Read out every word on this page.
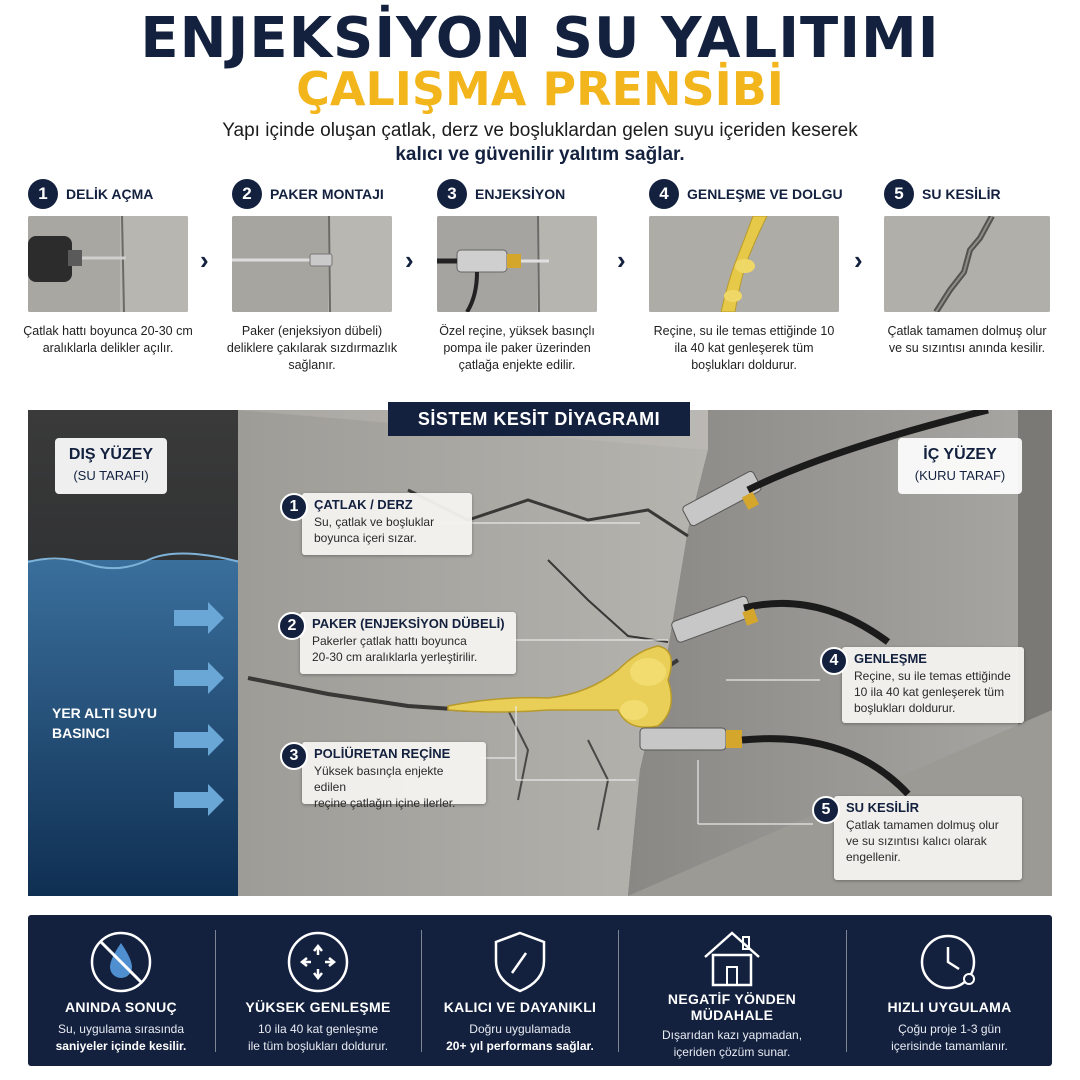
ENJEKSİYON SU YALITIMI
ÇALIŞMA PRENSİBİ
Yapı içinde oluşan çatlak, derz ve boşluklardan gelen suyu içeriden keserek
kalıcı ve güvenilir yalıtım sağlar.
1	DELİK AÇMA
Çatlak hattı boyunca 20-30 cm aralıklarla delikler açılır.
›
2	PAKER MONTAJI
Paker (enjeksiyon dübeli) deliklere çakılarak sızdırmazlık sağlanır.
›
3	ENJEKSİYON
Özel reçine, yüksek basınçlı pompa ile paker üzerinden çatlağa enjekte edilir.
›
4	GENLEŞME VE DOLGU
Reçine, su ile temas ettiğinde 10 ila 40 kat genleşerek tüm boşlukları doldurur.
›
5	SU KESİLİR
Çatlak tamamen dolmuş olur ve su sızıntısı anında kesilir.
SİSTEM KESİT DİYAGRAMI
DIŞ YÜZEY
(SU TARAFI)
İÇ YÜZEY
(KURU TARAF)
YER ALTI SUYU
BASINCI
ÇATLAK / DERZ
Su, çatlak ve boşluklar
boyunca içeri sızar.
1
PAKER (ENJEKSİYON DÜBELİ)
Pakerler çatlak hattı boyunca
20-30 cm aralıklarla yerleştirilir.
2
POLİÜRETAN REÇİNE
Yüksek basınçla enjekte edilen
reçine çatlağın içine ilerler.
3
GENLEŞME
Reçine, su ile temas ettiğinde
10 ila 40 kat genleşerek tüm
boşlukları doldurur.
4
SU KESİLİR
Çatlak tamamen dolmuş olur
ve su sızıntısı kalıcı olarak
engellenir.
5
ANINDA SONUÇ
Su, uygulama sırasında
saniyeler içinde kesilir.
YÜKSEK GENLEŞME
10 ila 40 kat genleşme
ile tüm boşlukları doldurur.
KALICI VE DAYANIKLI
Doğru uygulamada
20+ yıl performans sağlar.
NEGATİF YÖNDEN
MÜDAHALE
Dışarıdan kazı yapmadan,
içeriden çözüm sunar.
HIZLI UYGULAMA
Çoğu proje 1-3 gün
içerisinde tamamlanır.
